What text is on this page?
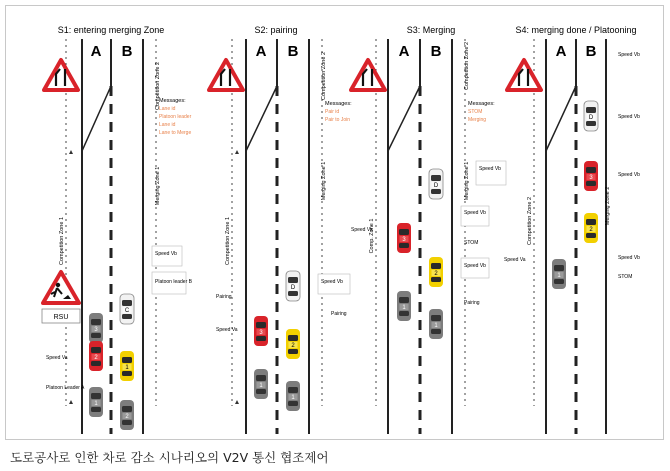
S1: entering merging Zone
A B
Competition Zone 2
Merging Zone 1
Competition Zone 1
RSU
Messages:
Lane id
Platoon leader
Lane id
Lane to Merge
Speed Vb
Platoon leader B
Speed Va
Platoon Leader A
C
3
2
1
1
2
S2: pairing
A B
Competition Zone 2
Merging Zone 1
Competition Zone 1
Messages:
Pair id
Pair to Join
Pairing
Speed Va
Speed Vb
Pairing
D
3
2
1
1
S3: Merging
A B	Competition Zone 2
Merging Zone 1
Comp. Zone 1
Messages:
STOM
Merging
Speed Va
Speed Vb
Speed Vb
STOM
Speed Vb
Pairing
D
3
2
1
1
S4: merging done / Platooning
A B
Merging Zone 2
Competition Zone 2
Speed Vb
Speed Vb
Speed Vb
Speed Va	Speed Vb
STOM
D
3
2
1
도로공사로 인한 차로 감소 시나리오의 V2V 통신 협조제어
